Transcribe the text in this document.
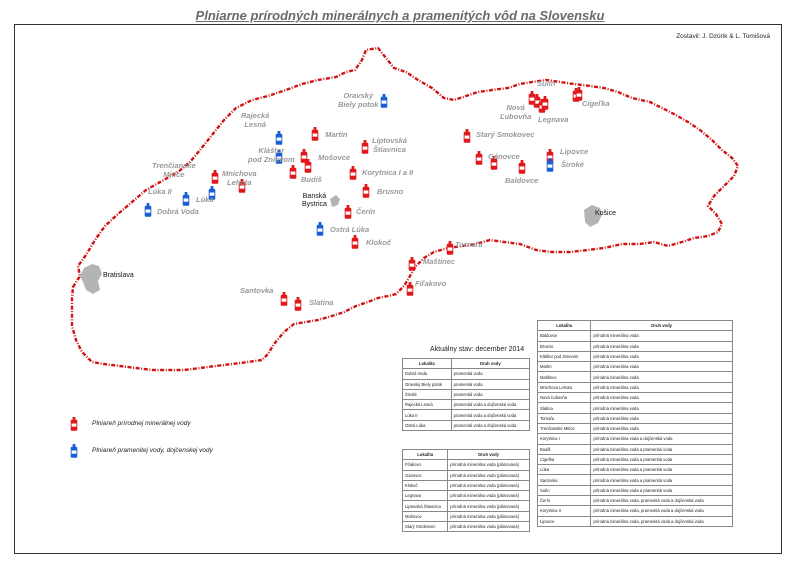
Plniarne prírodných minerálnych a pramenitých vôd na Slovensku
Zostavil: J. Dzúrik & L. Tomišová
Bratislava
Banská
Bystrica
Košice
Trenčianske
Mitice	Mnichova
Lehota
Lúka II
Lúka
Dobrá Voda
Rajecká
Lesná
Kláštor
pod Znievom
Oravský
Biely potok
Martin
Mošovce
Budiš
Liptovská
Štiavnica
Korytnica I a II
Brusno
Čerín
Ostrá Lúka
Klokoč
Starý Smokovec
Nová
Ľubovňa
Sulín
Legnava
Cigeľka
Gánovce
Baldovce
Lipovce
Široké
Tornaľa
Maštinec
Fiľakovo
Santovka
Slatina
Aktuálny stav: december 2014
Lokalita	Druh vody
Dobrá Voda	pramenitá voda
Oravský Biely potok	pramenitá voda
Široké	pramenitá voda
Rajecká Lesná	pramenitá voda a dojčenská voda
Lúka II	pramenitá voda a dojčenská voda
Ostrá Lúka	pramenitá voda a dojčenská voda
Lokalita	Druh vody
Fiľakovo	prírodná minerálna voda (plánovaná)
Gánovce	prírodná minerálna voda (plánovaná)
Klokoč	prírodná minerálna voda (plánovaná)
Legnava	prírodná minerálna voda (plánovaná)
Liptovská Štiavnica	prírodná minerálna voda (plánovaná)
Mošovce	prírodná minerálna voda (plánovaná)
Starý Smokovec	prírodná minerálna voda (plánovaná)
Lokalita	Druh vody
Baldovce	prírodná minerálna voda
Brusno	prírodná minerálna voda
Kláštor pod Znievom	prírodná minerálna voda
Martin	prírodná minerálna voda
Maštinec	prírodná minerálna voda
Mnichova Lehota	prírodná minerálna voda
Nová Ľubovňa	prírodná minerálna voda
Slatina	prírodná minerálna voda
Tornaľa	prírodná minerálna voda
Trenčianske Mitice	prírodná minerálna voda
Korytnica I	prírodná minerálna voda a dojčenská voda
Budiš	prírodná minerálna voda a pramenitá voda
Cigeľka	prírodná minerálna voda a pramenitá voda
Lúka	prírodná minerálna voda a pramenitá voda
Santovka	prírodná minerálna voda a pramenitá voda
Sulín	prírodná minerálna voda a pramenitá voda
Čerín	prírodná minerálna voda, pramenitá voda a dojčenská voda
Korytnica II	prírodná minerálna voda, pramenitá voda a dojčenská voda
Lipovce	prírodná minerálna voda, pramenitá voda a dojčenská voda
Plniareň prírodnej minerálnej vody
Plniareň pramenitej vody, dojčenskej vody
